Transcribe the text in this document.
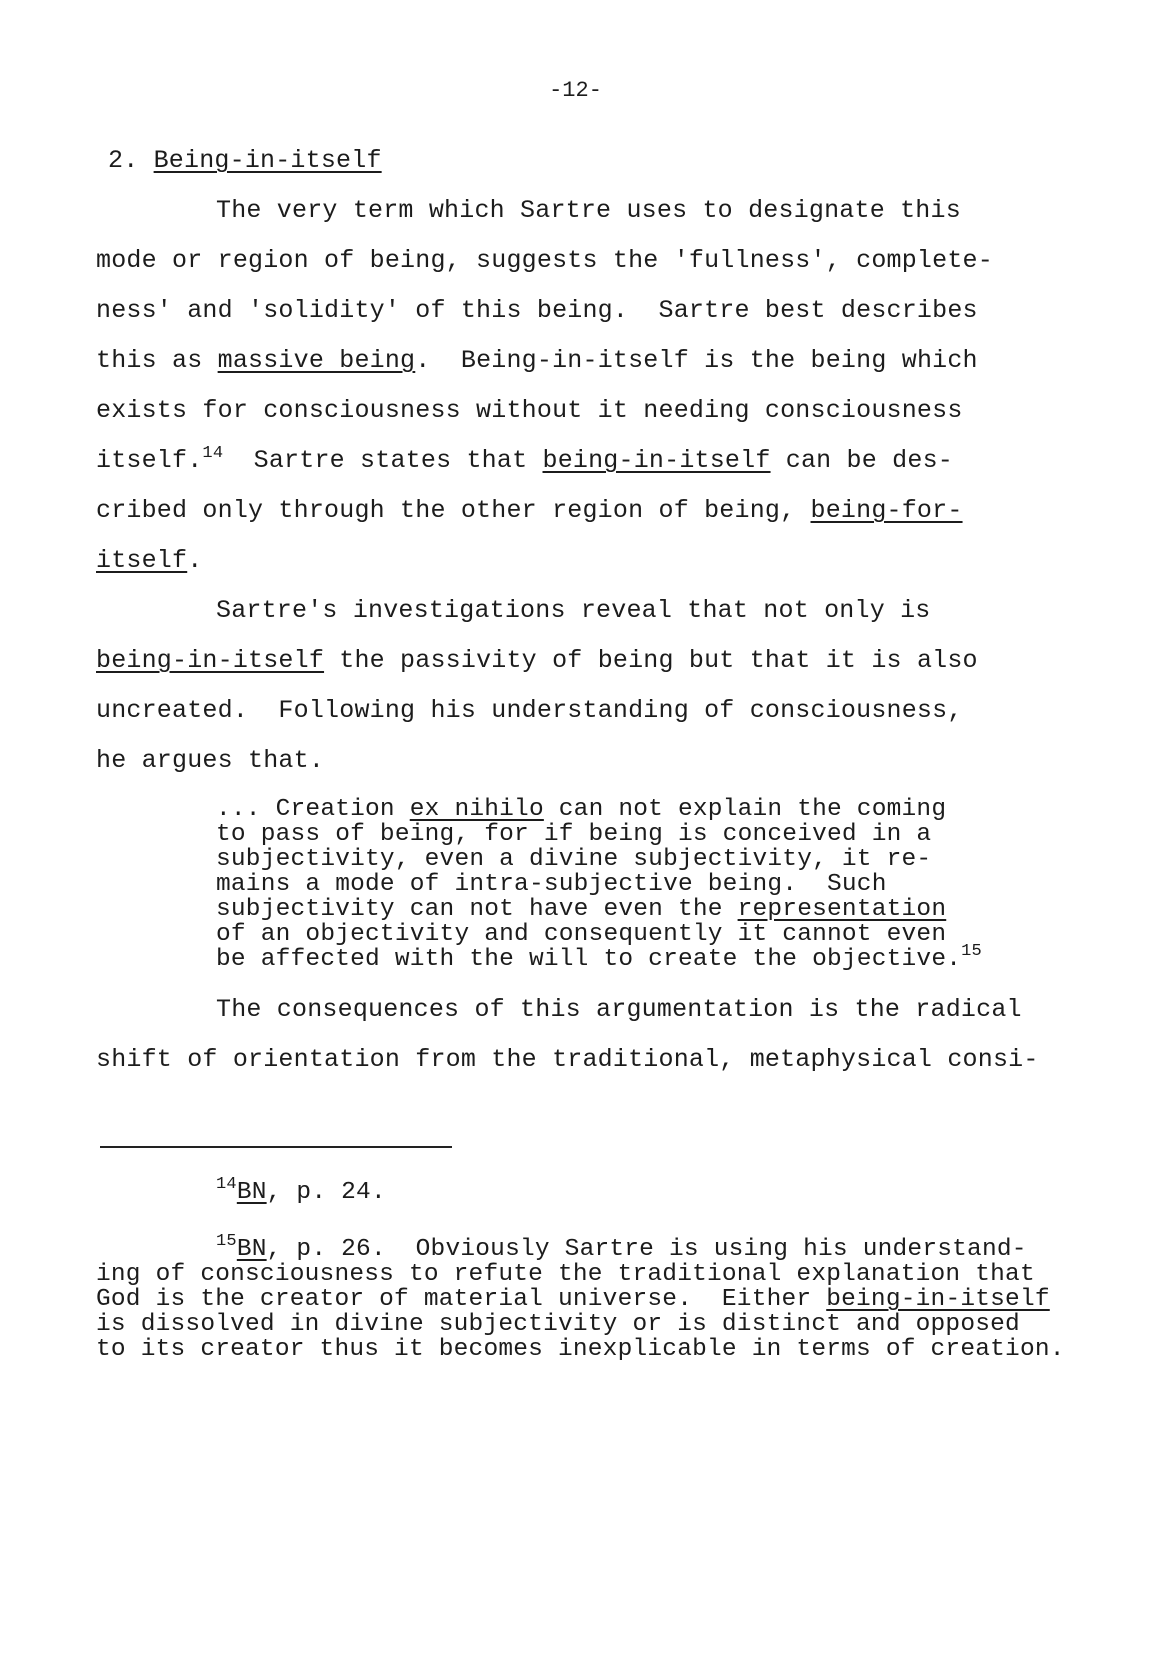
-12-
2. Being-in-itself
The very term which Sartre uses to designate this
mode or region of being, suggests the 'fullness', complete-
ness' and 'solidity' of this being.  Sartre best describes
this as massive being.  Being-in-itself is the being which
exists for consciousness without it needing consciousness
itself.$^{14}$  Sartre states that being-in-itself can be des-
cribed only through the other region of being, being-for-
itself.
Sartre's investigations reveal that not only is
being-in-itself the passivity of being but that it is also
uncreated.  Following his understanding of consciousness,
he argues that.
... Creation ex nihilo can not explain the coming
to pass of being, for if being is conceived in a
subjectivity, even a divine subjectivity, it re-
mains a mode of intra-subjective being.  Such
subjectivity can not have even the representation
of an objectivity and consequently it cannot even
be affected with the will to create the objective.$^{15}$
The consequences of this argumentation is the radical
shift of orientation from the traditional, metaphysical consi-
$^{14}$BN, p. 24.
$^{15}$BN, p. 26.  Obviously Sartre is using his understand-
ing of consciousness to refute the traditional explanation that
God is the creator of material universe.  Either being-in-itself
is dissolved in divine subjectivity or is distinct and opposed
to its creator thus it becomes inexplicable in terms of creation.
